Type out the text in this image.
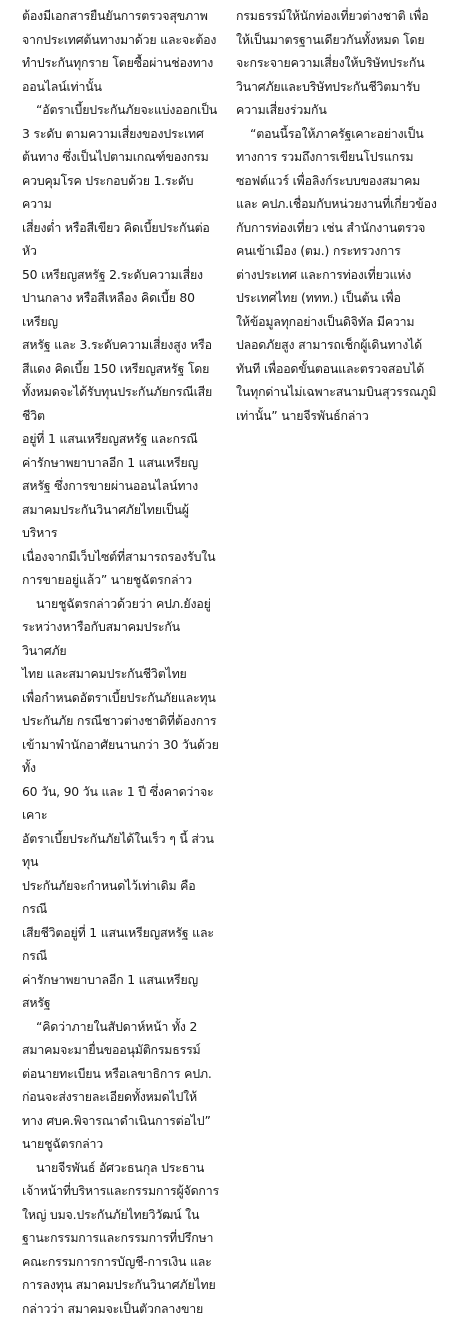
ต้องมีเอกสารยืนยันการตรวจสุขภาพ
จากประเทศต้นทางมาด้วย และจะต้อง
ทำประกันทุกราย โดยซื้อผ่านช่องทาง
ออนไลน์เท่านั้น

“อัตราเบี้ยประกันภัยจะแบ่งออกเป็น
3 ระดับ ตามความเสี่ยงของประเทศ
ต้นทาง ซึ่งเป็นไปตามเกณฑ์ของกรม
ควบคุมโรค ประกอบด้วย 1.ระดับความ
เสี่ยงต่ำ หรือสีเขียว คิดเบี้ยประกันต่อหัว
50 เหรียญสหรัฐ 2.ระดับความเสี่ยง
ปานกลาง หรือสีเหลือง คิดเบี้ย 80 เหรียญ
สหรัฐ และ 3.ระดับความเสี่ยงสูง หรือ
สีแดง คิดเบี้ย 150 เหรียญสหรัฐ โดย
ทั้งหมดจะได้รับทุนประกันภัยกรณีเสียชีวิต
อยู่ที่ 1 แสนเหรียญสหรัฐ และกรณี
ค่ารักษาพยาบาลอีก 1 แสนเหรียญ
สหรัฐ ซึ่งการขายผ่านออนไลน์ทาง
สมาคมประกันวินาศภัยไทยเป็นผู้บริหาร
เนื่องจากมีเว็บไซต์ที่สามารถรองรับใน
การขายอยู่แล้ว” นายชูฉัตรกล่าว

นายชูฉัตรกล่าวด้วยว่า คปภ.ยังอยู่
ระหว่างหารือกับสมาคมประกันวินาศภัย
ไทย และสมาคมประกันชีวิตไทย
เพื่อกำหนดอัตราเบี้ยประกันภัยและทุน
ประกันภัย กรณีชาวต่างชาติที่ต้องการ
เข้ามาพำนักอาศัยนานกว่า 30 วันด้วย ทั้ง
60 วัน, 90 วัน และ 1 ปี ซึ่งคาดว่าจะเคาะ
อัตราเบี้ยประกันภัยได้ในเร็ว ๆ นี้ ส่วนทุน
ประกันภัยจะกำหนดไว้เท่าเดิม คือ กรณี
เสียชีวิตอยู่ที่ 1 แสนเหรียญสหรัฐ และกรณี
ค่ารักษาพยาบาลอีก 1 แสนเหรียญสหรัฐ

“คิดว่าภายในสัปดาห์หน้า ทั้ง 2
สมาคมจะมายื่นขออนุมัติกรมธรรม์
ต่อนายทะเบียน หรือเลขาธิการ คปภ.
ก่อนจะส่งรายละเอียดทั้งหมดไปให้
ทาง ศบค.พิจารณาดำเนินการต่อไป”
นายชูฉัตรกล่าว

นายจีรพันธ์ อัศวะธนกุล ประธาน
เจ้าหน้าที่บริหารและกรรมการผู้จัดการ
ใหญ่ บมจ.ประกันภัยไทยวิวัฒน์ ใน
ฐานะกรรมการและกรรมการที่ปรึกษา
คณะกรรมการการบัญชี-การเงิน และ
การลงทุน สมาคมประกันวินาศภัยไทย
กล่าวว่า สมาคมจะเป็นตัวกลางขาย

กรมธรรม์ให้นักท่องเที่ยวต่างชาติ เพื่อ
ให้เป็นมาตรฐานเดียวกันทั้งหมด โดย
จะกระจายความเสี่ยงให้บริษัทประกัน
วินาศภัยและบริษัทประกันชีวิตมารับ
ความเสี่ยงร่วมกัน

“ตอนนี้รอให้ภาครัฐเคาะอย่างเป็น
ทางการ รวมถึงการเขียนโปรแกรม
ซอฟต์แวร์ เพื่อลิงก์ระบบของสมาคม
และ คปภ.เชื่อมกับหน่วยงานที่เกี่ยวข้อง
กับการท่องเที่ยว เช่น สำนักงานตรวจ
คนเข้าเมือง (ตม.) กระทรวงการ
ต่างประเทศ และการท่องเที่ยวแห่ง
ประเทศไทย (ททท.) เป็นต้น เพื่อ
ให้ข้อมูลทุกอย่างเป็นดิจิทัล มีความ
ปลอดภัยสูง สามารถเช็กผู้เดินทางได้
ทันที เพื่ออดขั้นตอนและตรวจสอบได้
ในทุกด่านไม่เฉพาะสนามบินสุวรรณภูมิ
เท่านั้น” นายจีรพันธ์กล่าว
